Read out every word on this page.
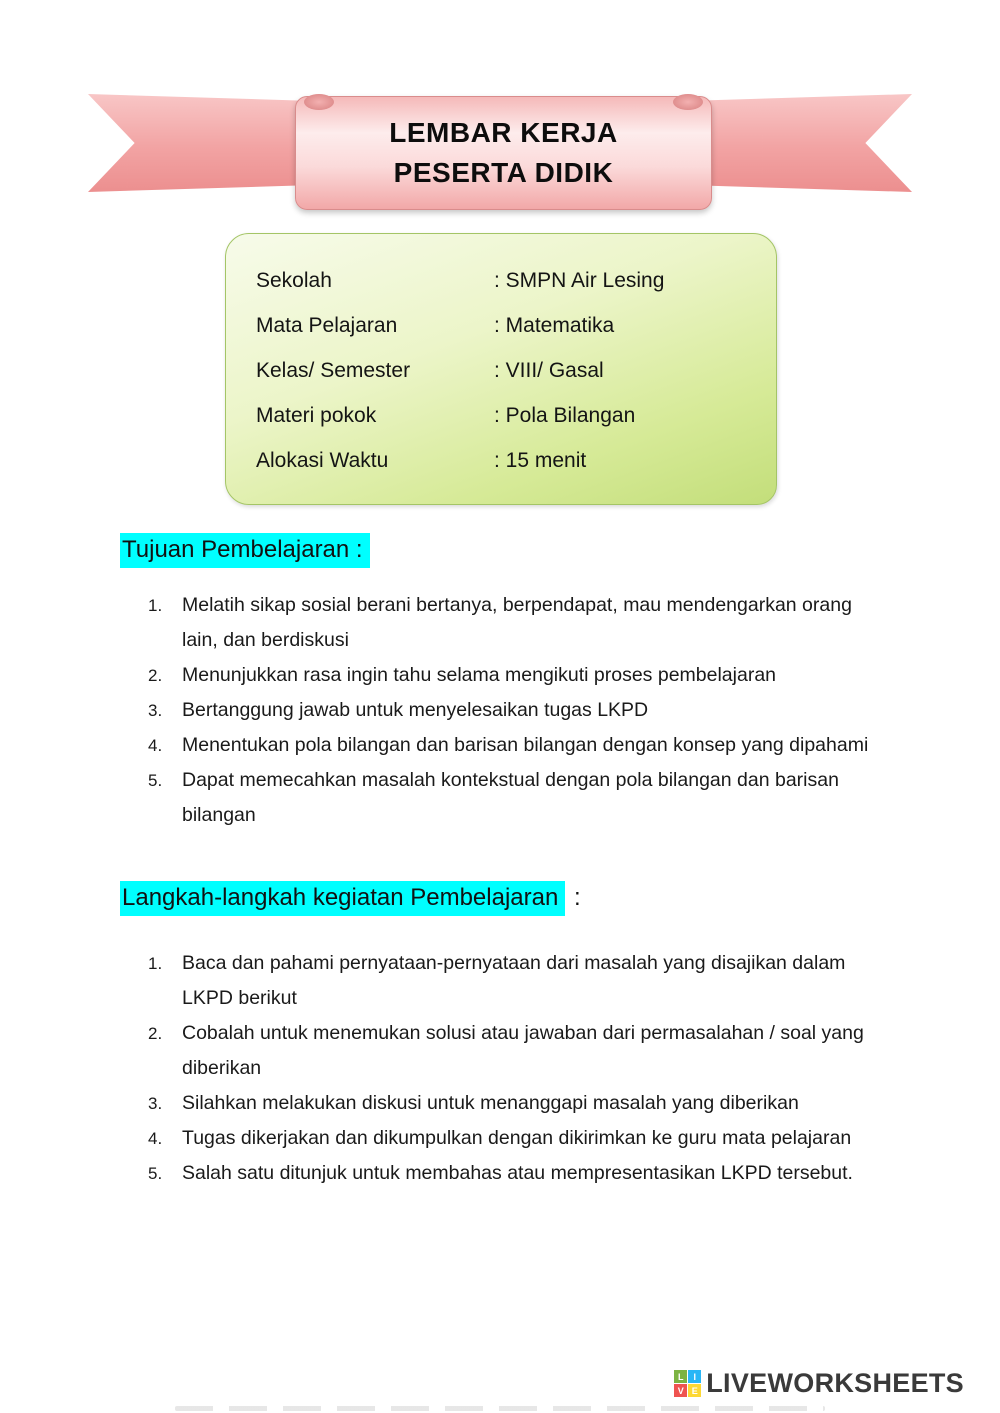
LEMBAR KERJA
PESERTA DIDIK
Sekolah	: SMPN Air Lesing
Mata Pelajaran	: Matematika
Kelas/ Semester	: VIII/ Gasal
Materi pokok	: Pola Bilangan
Alokasi Waktu	: 15 menit
Tujuan Pembelajaran :
1.	Melatih sikap sosial berani bertanya, berpendapat, mau mendengarkan orang lain, dan berdiskusi
2.	Menunjukkan rasa ingin tahu selama mengikuti proses pembelajaran
3.	Bertanggung jawab untuk menyelesaikan tugas LKPD
4.	Menentukan pola bilangan dan barisan bilangan dengan konsep yang dipahami
5.	Dapat memecahkan masalah kontekstual dengan pola bilangan dan barisan bilangan
Langkah-langkah kegiatan Pembelajaran :
1.	Baca dan pahami pernyataan-pernyataan dari masalah yang disajikan dalam LKPD berikut
2.	Cobalah untuk menemukan solusi atau jawaban dari permasalahan / soal yang diberikan
3.	Silahkan melakukan diskusi untuk menanggapi masalah yang diberikan
4.	Tugas dikerjakan dan dikumpulkan dengan dikirimkan ke guru mata pelajaran
5.	Salah satu ditunjuk untuk membahas atau mempresentasikan LKPD tersebut.
L	I
V E LIVEWORKSHEETS
